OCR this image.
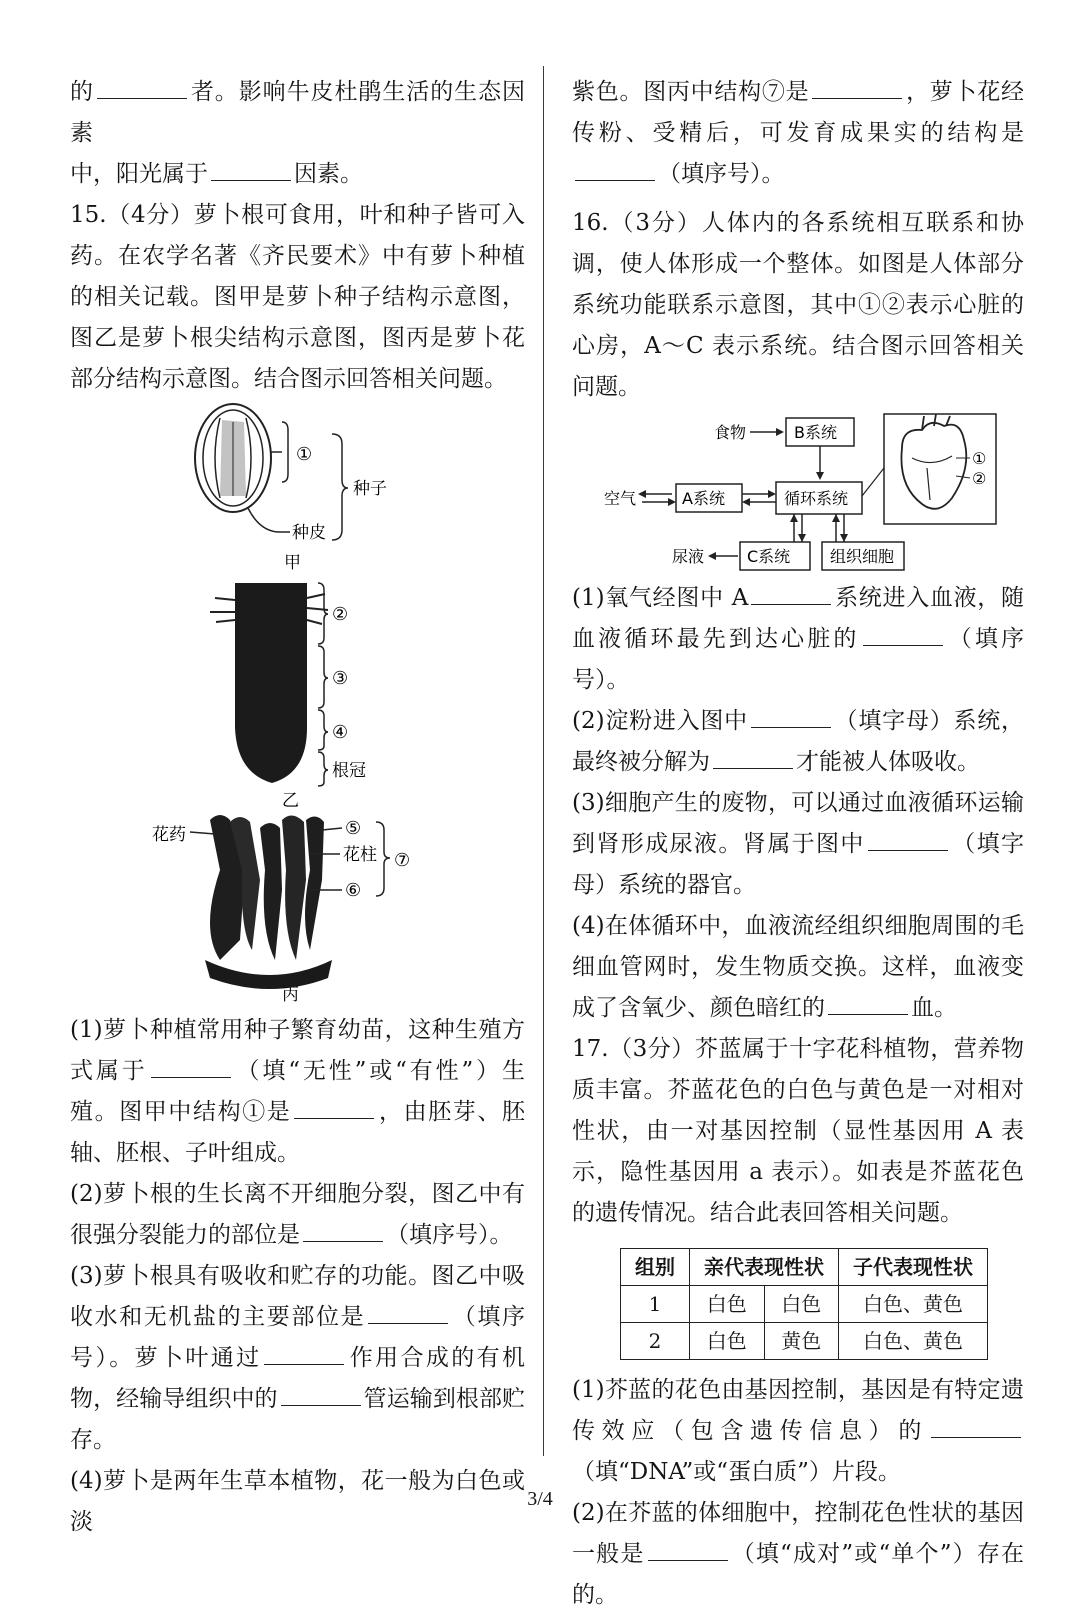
的	者。影响牛皮杜鹃生活的生态因素

中，阳光属于	因素。

15.（4分）萝卜根可食用，叶和种子皆可入药。在农学名著《齐民要术》中有萝卜种植的相关记载。图甲是萝卜种子结构示意图，图乙是萝卜根尖结构示意图，图丙是萝卜花部分结构示意图。结合图示回答相关问题。

①
种子
种皮
甲
②
③
④
根冠
乙
花药	⑤
花柱
⑥
⑦
丙

(1)萝卜种植常用种子繁育幼苗，这种生殖方式属于	（填“无性”或“有性”）生殖。图甲中结构①是	，由胚芽、胚轴、胚根、子叶组成。

(2)萝卜根的生长离不开细胞分裂，图乙中有很强分裂能力的部位是	（填序号）。

(3)萝卜根具有吸收和贮存的功能。图乙中吸收水和无机盐的主要部位是	（填序号）。萝卜叶通过	作用合成的有机物，经输导组织中的	管运输到根部贮存。

(4)萝卜是两年生草本植物，花一般为白色或淡

紫色。图丙中结构⑦是	，萝卜花经传粉、受精后，可发育成果实的结构是（填序号）。

16.（3分）人体内的各系统相互联系和协调，使人体形成一个整体。如图是人体部分系统功能联系示意图，其中①②表示心脏的心房，A～C 表示系统。结合图示回答相关问题。

食物	B系统
空气	A系统	循环系统
①
②
尿液	C系统 组织细胞

(1)氧气经图中 A	系统进入血液，随血液循环最先到达心脏的	（填序号）。

(2)淀粉进入图中	（填字母）系统，最终被分解为	才能被人体吸收。

(3)细胞产生的废物，可以通过血液循环运输到肾形成尿液。肾属于图中	（填字母）系统的器官。

(4)在体循环中，血液流经组织细胞周围的毛细血管网时，发生物质交换。这样，血液变成了含氧少、颜色暗红的	血。

17.（3分）芥蓝属于十字花科植物，营养物质丰富。芥蓝花色的白色与黄色是一对相对性状，由一对基因控制（显性基因用 A 表示，隐性基因用 a 表示）。如表是芥蓝花色的遗传情况。结合此表回答相关问题。

组别	亲代表现性状		子代表现性状
1	白色	白色	白色、黄色
2	白色	黄色	白色、黄色

(1)芥蓝的花色由基因控制，基因是有特定遗传效应（包含遗传信息）的（填“DNA”或“蛋白质”）片段。

(2)在芥蓝的体细胞中，控制花色性状的基因一般是	（填“成对”或“单个”）存在的。

3/4
